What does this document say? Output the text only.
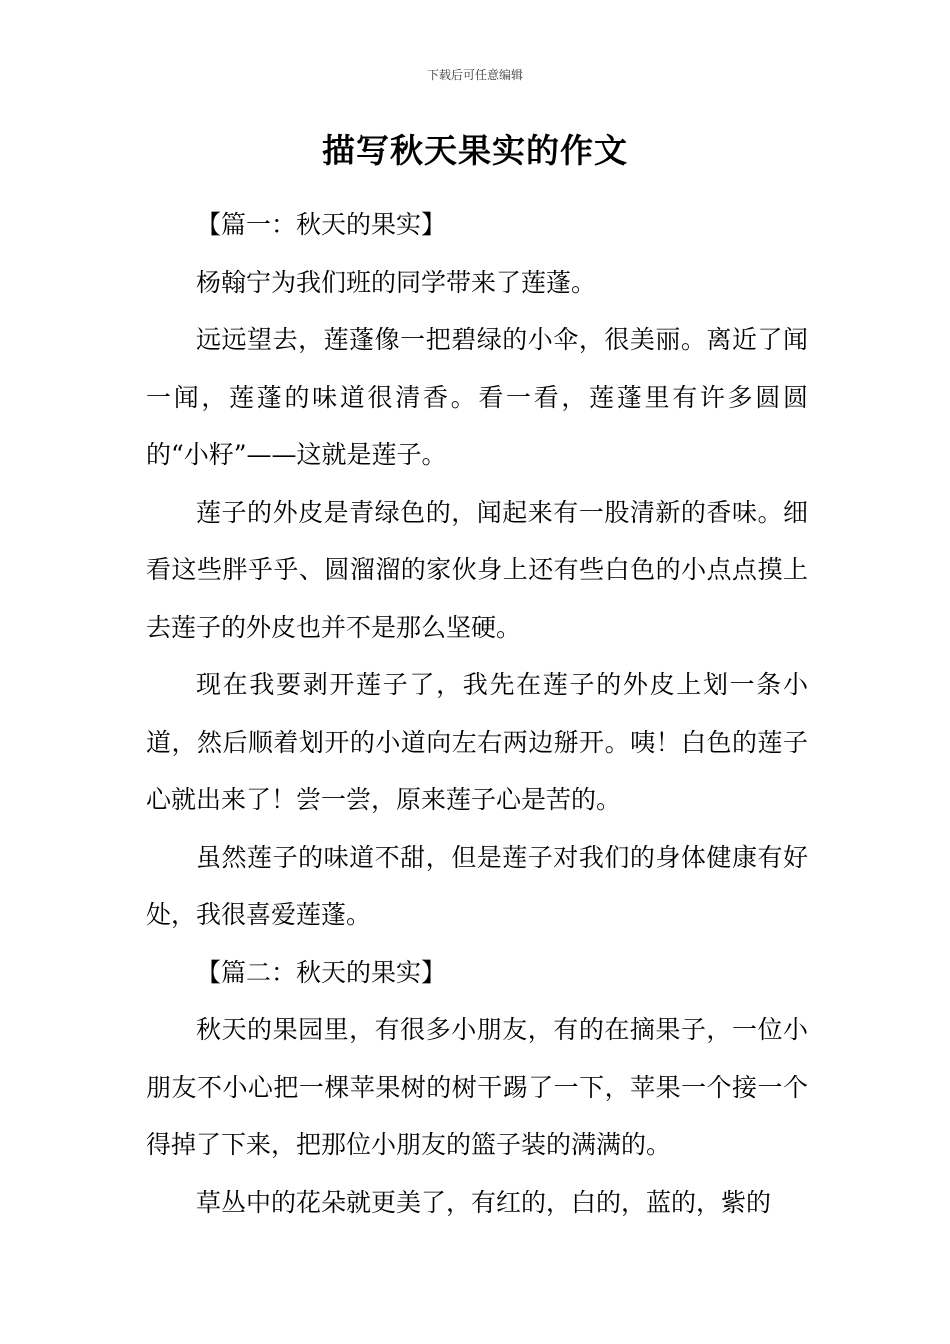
下载后可任意编辑
描写秋天果实的作文

【篇一：秋天的果实】

杨翰宁为我们班的同学带来了莲蓬。

远远望去，莲蓬像一把碧绿的小伞，很美丽。离近了闻一闻，莲蓬的味道很清香。看一看，莲蓬里有许多圆圆的“小籽”——这就是莲子。

莲子的外皮是青绿色的，闻起来有一股清新的香味。细看这些胖乎乎、圆溜溜的家伙身上还有些白色的小点点摸上去莲子的外皮也并不是那么坚硬。

现在我要剥开莲子了，我先在莲子的外皮上划一条小道，然后顺着划开的小道向左右两边掰开。咦！白色的莲子心就出来了！尝一尝，原来莲子心是苦的。

虽然莲子的味道不甜，但是莲子对我们的身体健康有好处，我很喜爱莲蓬。

【篇二：秋天的果实】

秋天的果园里，有很多小朋友，有的在摘果子，一位小朋友不小心把一棵苹果树的树干踢了一下，苹果一个接一个得掉了下来，把那位小朋友的篮子装的满满的。

草丛中的花朵就更美了，有红的，白的，蓝的，紫的
